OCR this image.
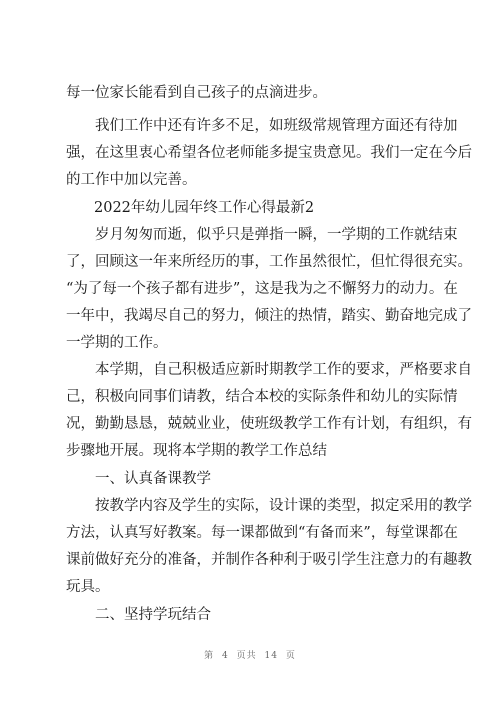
每一位家长能看到自己孩子的点滴进步。
我们工作中还有许多不足，如班级常规管理方面还有待加
强，在这里衷心希望各位老师能多提宝贵意见。我们一定在今后
的工作中加以完善。
2022年幼儿园年终工作心得最新2
岁月匆匆而逝，似乎只是弹指一瞬，一学期的工作就结束
了，回顾这一年来所经历的事，工作虽然很忙，但忙得很充实。
“为了每一个孩子都有进步”，这是我为之不懈努力的动力。在
一年中，我竭尽自己的努力，倾注的热情，踏实、勤奋地完成了
一学期的工作。
本学期，自己积极适应新时期教学工作的要求，严格要求自
己，积极向同事们请教，结合本校的实际条件和幼儿的实际情
况，勤勤恳恳，兢兢业业，使班级教学工作有计划，有组织，有
步骤地开展。现将本学期的教学工作总结
一、认真备课教学
按教学内容及学生的实际，设计课的类型，拟定采用的教学
方法，认真写好教案。每一课都做到“有备而来”，每堂课都在
课前做好充分的准备，并制作各种利于吸引学生注意力的有趣教
玩具。
二、坚持学玩结合
第 4 页共 14 页
